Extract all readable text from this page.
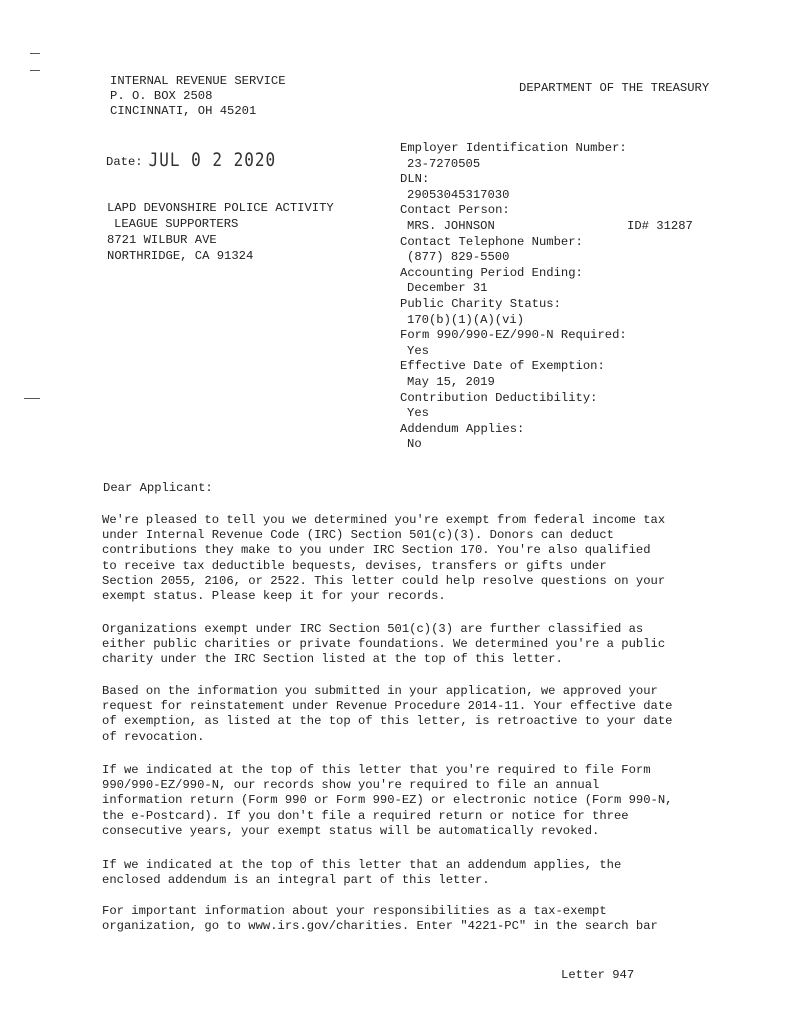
INTERNAL REVENUE SERVICE
P. O. BOX 2508
CINCINNATI, OH 45201
DEPARTMENT OF THE TREASURY
Date: JUL 0 2 2020
LAPD DEVONSHIRE POLICE ACTIVITY
LEAGUE SUPPORTERS
8721 WILBUR AVE
NORTHRIDGE, CA 91324
Employer Identification Number:
23-7270505
DLN:
29053045317030
Contact Person:
MRS. JOHNSON	ID# 31287
Contact Telephone Number:
(877) 829-5500
Accounting Period Ending:
December 31
Public Charity Status:
170(b)(1)(A)(vi)
Form 990/990-EZ/990-N Required:
Yes
Effective Date of Exemption:
May 15, 2019
Contribution Deductibility:
Yes
Addendum Applies:
No
Dear Applicant:
We're pleased to tell you we determined you're exempt from federal income tax
under Internal Revenue Code (IRC) Section 501(c)(3). Donors can deduct
contributions they make to you under IRC Section 170. You're also qualified
to receive tax deductible bequests, devises, transfers or gifts under
Section 2055, 2106, or 2522. This letter could help resolve questions on your
exempt status. Please keep it for your records.
Organizations exempt under IRC Section 501(c)(3) are further classified as
either public charities or private foundations. We determined you're a public
charity under the IRC Section listed at the top of this letter.
Based on the information you submitted in your application, we approved your
request for reinstatement under Revenue Procedure 2014-11. Your effective date
of exemption, as listed at the top of this letter, is retroactive to your date
of revocation.
If we indicated at the top of this letter that you're required to file Form
990/990-EZ/990-N, our records show you're required to file an annual
information return (Form 990 or Form 990-EZ) or electronic notice (Form 990-N,
the e-Postcard). If you don't file a required return or notice for three
consecutive years, your exempt status will be automatically revoked.
If we indicated at the top of this letter that an addendum applies, the
enclosed addendum is an integral part of this letter.
For important information about your responsibilities as a tax-exempt
organization, go to www.irs.gov/charities. Enter "4221-PC" in the search bar
Letter 947
